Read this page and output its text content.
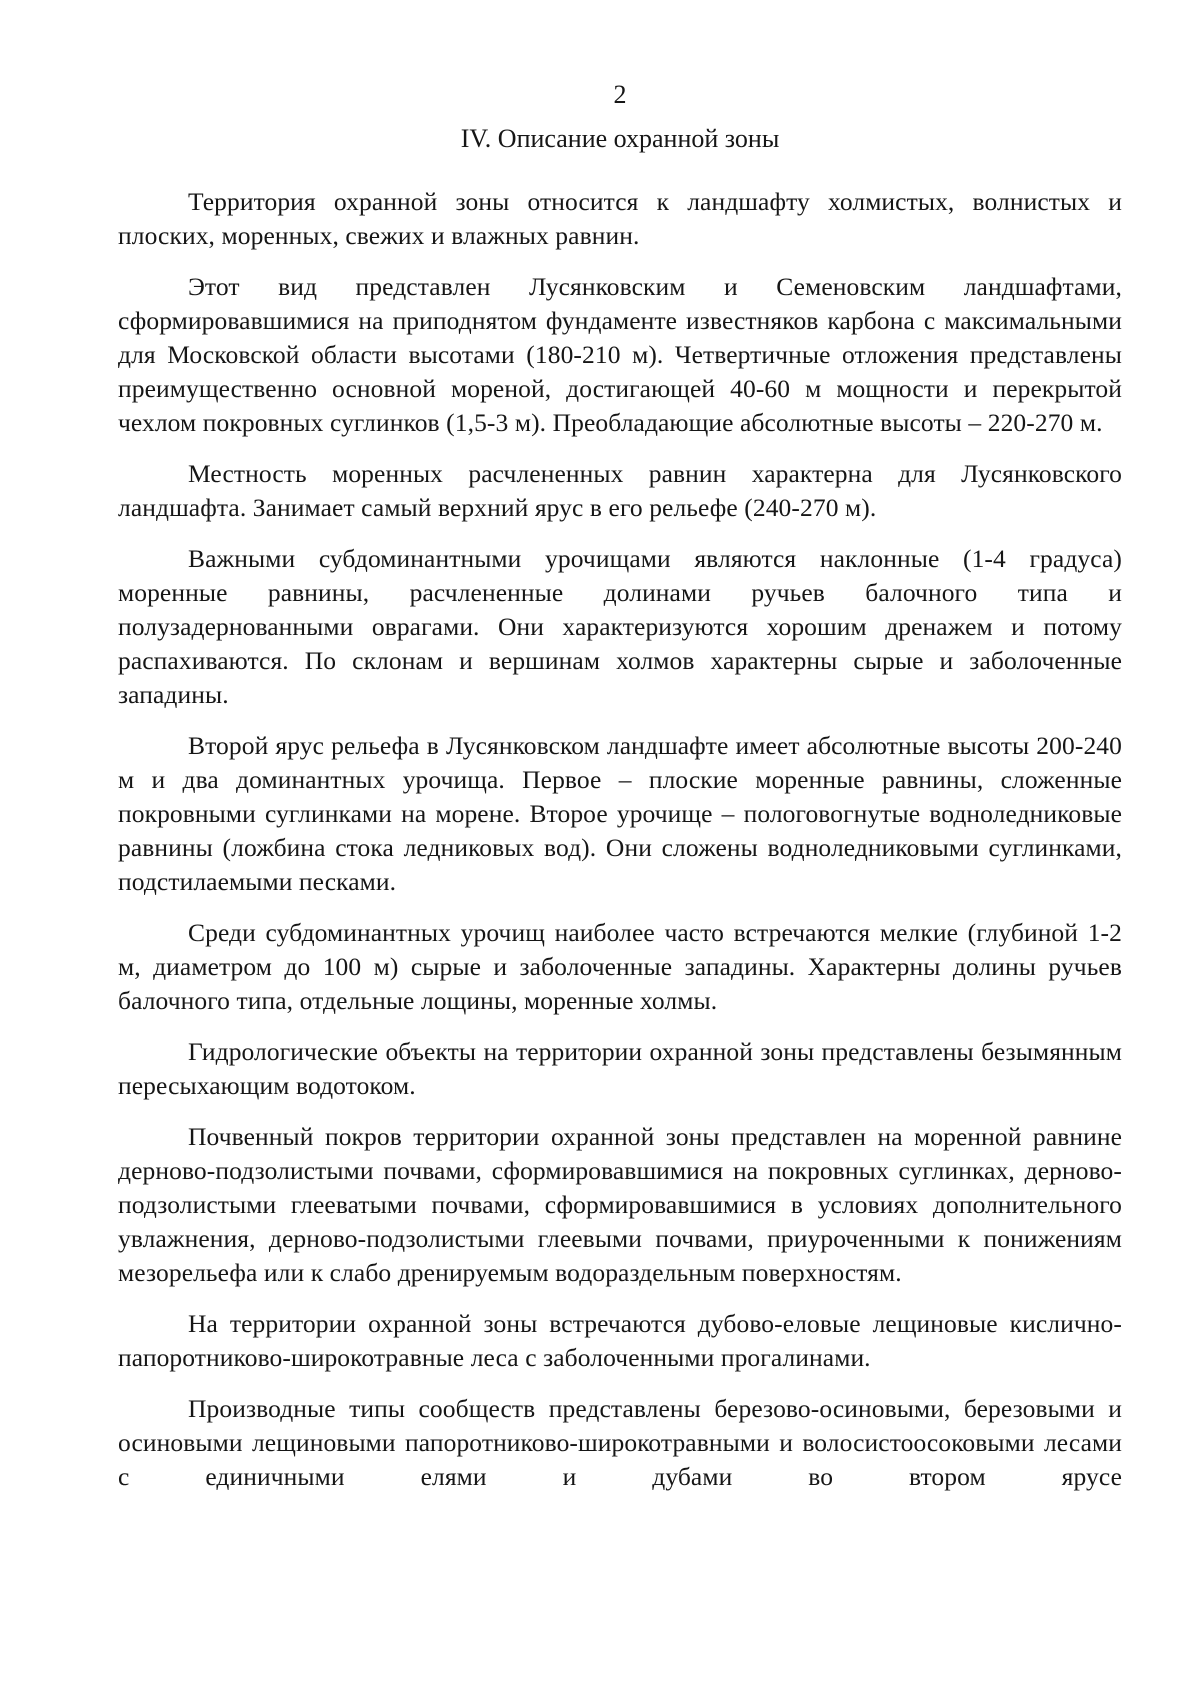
2
IV. Описание охранной зоны

Территория охранной зоны относится к ландшафту холмистых, волнистых и плоских, моренных, свежих и влажных равнин.

Этот вид представлен Лусянковским и Семеновским ландшафтами, сформировавшимися на приподнятом фундаменте известняков карбона с максимальными для Московской области высотами (180-210 м). Четвертичные отложения представлены преимущественно основной мореной, достигающей 40-60 м мощности и перекрытой чехлом покровных суглинков (1,5-3 м). Преобладающие абсолютные высоты – 220-270 м.

Местность моренных расчлененных равнин характерна для Лусянковского ландшафта. Занимает самый верхний ярус в его рельефе (240-270 м).

Важными субдоминантными урочищами являются наклонные (1-4 градуса) моренные равнины, расчлененные долинами ручьев балочного типа и полузадернованными оврагами. Они характеризуются хорошим дренажем и потому распахиваются. По склонам и вершинам холмов характерны сырые и заболоченные западины.

Второй ярус рельефа в Лусянковском ландшафте имеет абсолютные высоты 200-240 м и два доминантных урочища. Первое – плоские моренные равнины, сложенные покровными суглинками на морене. Второе урочище – пологовогнутые водноледниковые равнины (ложбина стока ледниковых вод). Они сложены водноледниковыми суглинками, подстилаемыми песками.

Среди субдоминантных урочищ наиболее часто встречаются мелкие (глубиной 1-2 м, диаметром до 100 м) сырые и заболоченные западины. Характерны долины ручьев балочного типа, отдельные лощины, моренные холмы.

Гидрологические объекты на территории охранной зоны представлены безымянным пересыхающим водотоком.

Почвенный покров территории охранной зоны представлен на моренной равнине дерново-подзолистыми почвами, сформировавшимися на покровных суглинках, дерново-подзолистыми глееватыми почвами, сформировавшимися в условиях дополнительного увлажнения, дерново-подзолистыми глеевыми почвами, приуроченными к понижениям мезорельефа или к слабо дренируемым водораздельным поверхностям.

На территории охранной зоны встречаются дубово-еловые лещиновые кислично-папоротниково-широкотравные леса с заболоченными прогалинами.

Производные типы сообществ представлены березово-осиновыми, березовыми и осиновыми лещиновыми папоротниково-широкотравными и волосистоосоковыми лесами с единичными елями и дубами во втором ярусе
